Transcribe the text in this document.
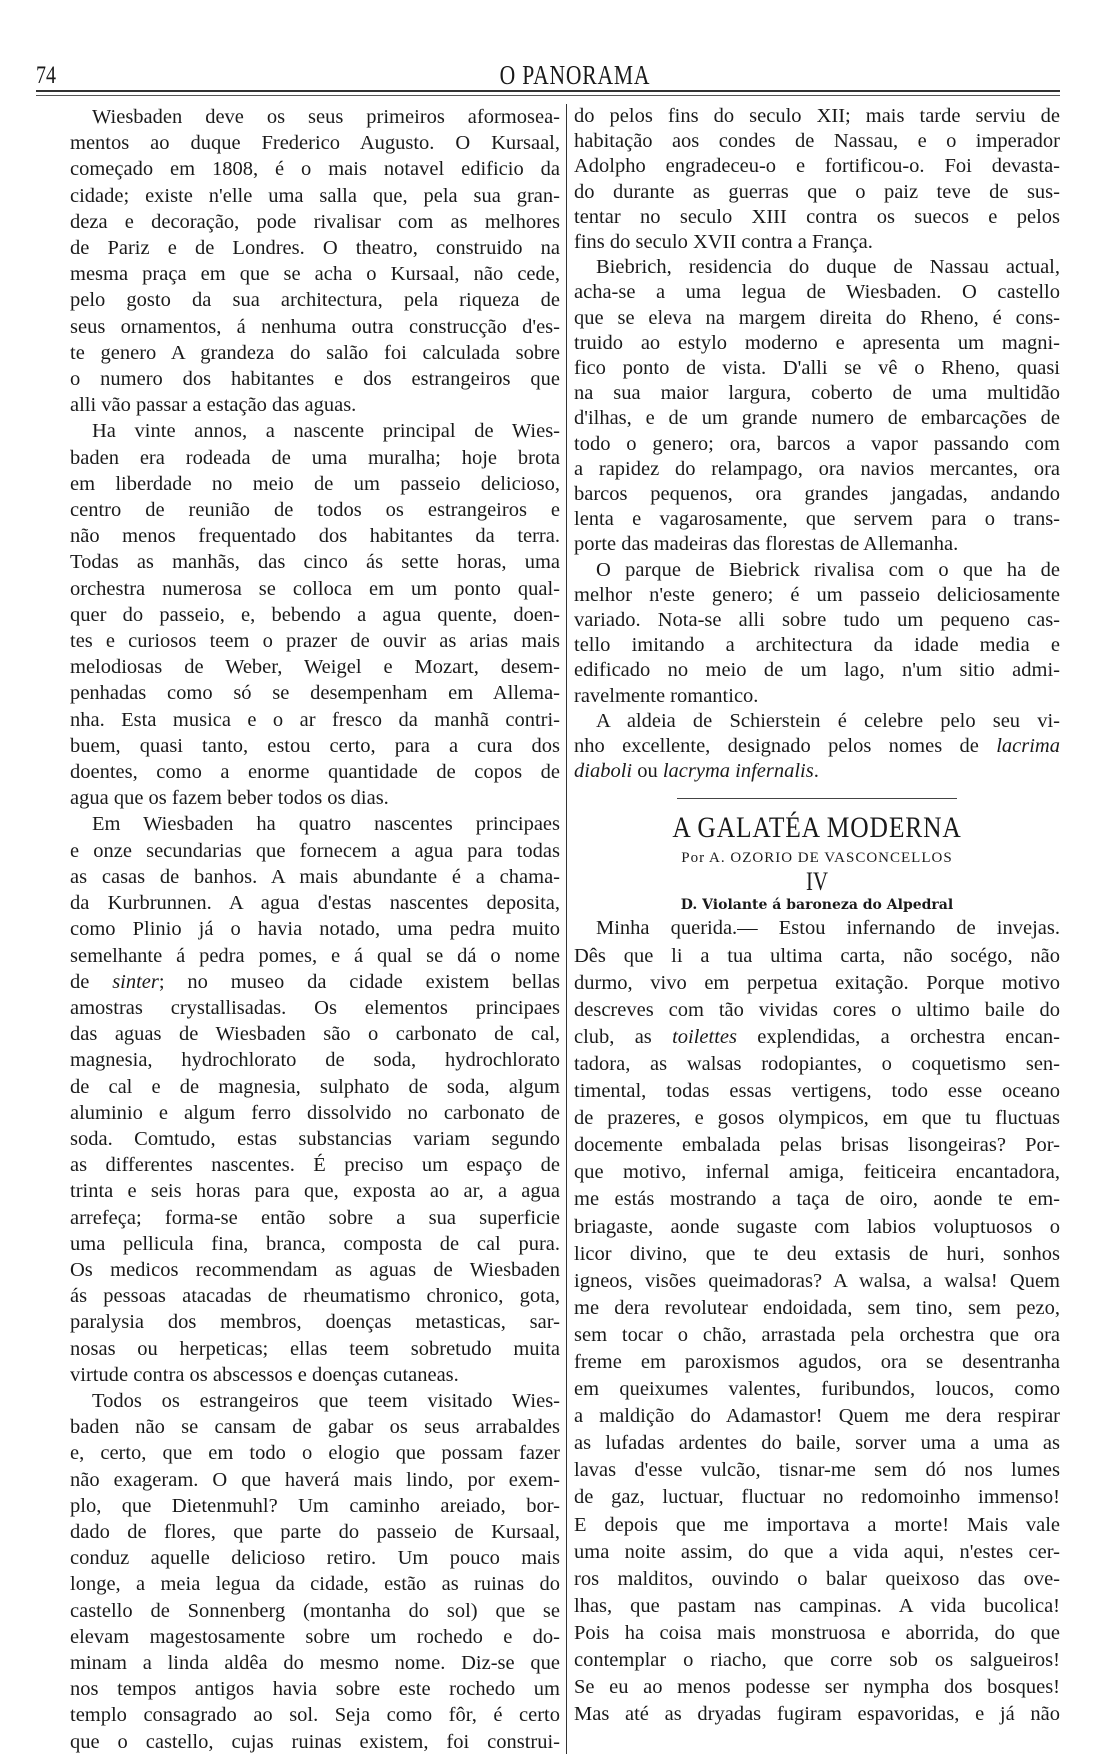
74	O PANORAMA
Wiesbaden deve os seus primeiros aformosea-
mentos ao duque Frederico Augusto. O Kursaal,
começado em 1808, é o mais notavel edificio da
cidade; existe n'elle uma salla que, pela sua gran-
deza e decoração, pode rivalisar com as melhores
de Pariz e de Londres. O theatro, construido na
mesma praça em que se acha o Kursaal, não cede,
pelo gosto da sua architectura, pela riqueza de
seus ornamentos, á nenhuma outra construcção d'es-
te genero A grandeza do salão foi calculada sobre
o numero dos habitantes e dos estrangeiros que
alli vão passar a estação das aguas.
Ha vinte annos, a nascente principal de Wies-
baden era rodeada de uma muralha; hoje brota
em liberdade no meio de um passeio delicioso,
centro de reunião de todos os estrangeiros e
não menos frequentado dos habitantes da terra.
Todas as manhãs, das cinco ás sette horas, uma
orchestra numerosa se colloca em um ponto qual-
quer do passeio, e, bebendo a agua quente, doen-
tes e curiosos teem o prazer de ouvir as arias mais
melodiosas de Weber, Weigel e Mozart, desem-
penhadas como só se desempenham em Allema-
nha. Esta musica e o ar fresco da manhã contri-
buem, quasi tanto, estou certo, para a cura dos
doentes, como a enorme quantidade de copos de
agua que os fazem beber todos os dias.
Em Wiesbaden ha quatro nascentes principaes
e onze secundarias que fornecem a agua para todas
as casas de banhos. A mais abundante é a chama-
da Kurbrunnen. A agua d'estas nascentes deposita,
como Plinio já o havia notado, uma pedra muito
semelhante á pedra pomes, e á qual se dá o nome
de sinter; no museo da cidade existem bellas
amostras crystallisadas. Os elementos principaes
das aguas de Wiesbaden são o carbonato de cal,
magnesia, hydrochlorato de soda, hydrochlorato
de cal e de magnesia, sulphato de soda, algum
aluminio e algum ferro dissolvido no carbonato de
soda. Comtudo, estas substancias variam segundo
as differentes nascentes. É preciso um espaço de
trinta e seis horas para que, exposta ao ar, a agua
arrefeça; forma-se então sobre a sua superficie
uma pellicula fina, branca, composta de cal pura.
Os medicos recommendam as aguas de Wiesbaden
ás pessoas atacadas de rheumatismo chronico, gota,
paralysia dos membros, doenças metasticas, sar-
nosas ou herpeticas; ellas teem sobretudo muita
virtude contra os abscessos e doenças cutaneas.
Todos os estrangeiros que teem visitado Wies-
baden não se cansam de gabar os seus arrabaldes
e, certo, que em todo o elogio que possam fazer
não exageram. O que haverá mais lindo, por exem-
plo, que Dietenmuhl? Um caminho areiado, bor-
dado de flores, que parte do passeio de Kursaal,
conduz aquelle delicioso retiro. Um pouco mais
longe, a meia legua da cidade, estão as ruinas do
castello de Sonnenberg (montanha do sol) que se
elevam magestosamente sobre um rochedo e do-
minam a linda aldêa do mesmo nome. Diz-se que
nos tempos antigos havia sobre este rochedo um
templo consagrado ao sol. Seja como fôr, é certo
que o castello, cujas ruinas existem, foi construi-
do pelos fins do seculo XII; mais tarde serviu de
habitação aos condes de Nassau, e o imperador
Adolpho engradeceu-o e fortificou-o. Foi devasta-
do durante as guerras que o paiz teve de sus-
tentar no seculo XIII contra os suecos e pelos
fins do seculo XVII contra a França.
Biebrich, residencia do duque de Nassau actual,
acha-se a uma legua de Wiesbaden. O castello
que se eleva na margem direita do Rheno, é cons-
truido ao estylo moderno e apresenta um magni-
fico ponto de vista. D'alli se vê o Rheno, quasi
na sua maior largura, coberto de uma multidão
d'ilhas, e de um grande numero de embarcações de
todo o genero; ora, barcos a vapor passando com
a rapidez do relampago, ora navios mercantes, ora
barcos pequenos, ora grandes jangadas, andando
lenta e vagarosamente, que servem para o trans-
porte das madeiras das florestas de Allemanha.
O parque de Biebrick rivalisa com o que ha de
melhor n'este genero; é um passeio deliciosamente
variado. Nota-se alli sobre tudo um pequeno cas-
tello imitando a architectura da idade media e
edificado no meio de um lago, n'um sitio admi-
ravelmente romantico.
A aldeia de Schierstein é celebre pelo seu vi-
nho excellente, designado pelos nomes de lacrima
diaboli ou lacryma infernalis.
A GALATÉA MODERNA
Por A. OZORIO DE VASCONCELLOS
IV
D. Violante á baroneza do Alpedral
Minha querida.— Estou infernando de invejas.
Dês que li a tua ultima carta, não socégo, não
durmo, vivo em perpetua exitação. Porque motivo
descreves com tão vividas cores o ultimo baile do
club, as toilettes explendidas, a orchestra encan-
tadora, as walsas rodopiantes, o coquetismo sen-
timental, todas essas vertigens, todo esse oceano
de prazeres, e gosos olympicos, em que tu fluctuas
docemente embalada pelas brisas lisongeiras? Por-
que motivo, infernal amiga, feiticeira encantadora,
me estás mostrando a taça de oiro, aonde te em-
briagaste, aonde sugaste com labios voluptuosos o
licor divino, que te deu extasis de huri, sonhos
igneos, visões queimadoras? A walsa, a walsa! Quem
me dera revolutear endoidada, sem tino, sem pezo,
sem tocar o chão, arrastada pela orchestra que ora
freme em paroxismos agudos, ora se desentranha
em queixumes valentes, furibundos, loucos, como
a maldição do Adamastor! Quem me dera respirar
as lufadas ardentes do baile, sorver uma a uma as
lavas d'esse vulcão, tisnar-me sem dó nos lumes
de gaz, luctuar, fluctuar no redomoinho immenso!
E depois que me importava a morte! Mais vale
uma noite assim, do que a vida aqui, n'estes cer-
ros malditos, ouvindo o balar queixoso das ove-
lhas, que pastam nas campinas. A vida bucolica!
Pois ha coisa mais monstruosa e aborrida, do que
contemplar o riacho, que corre sob os salgueiros!
Se eu ao menos podesse ser nympha dos bosques!
Mas até as dryadas fugiram espavoridas, e já não
